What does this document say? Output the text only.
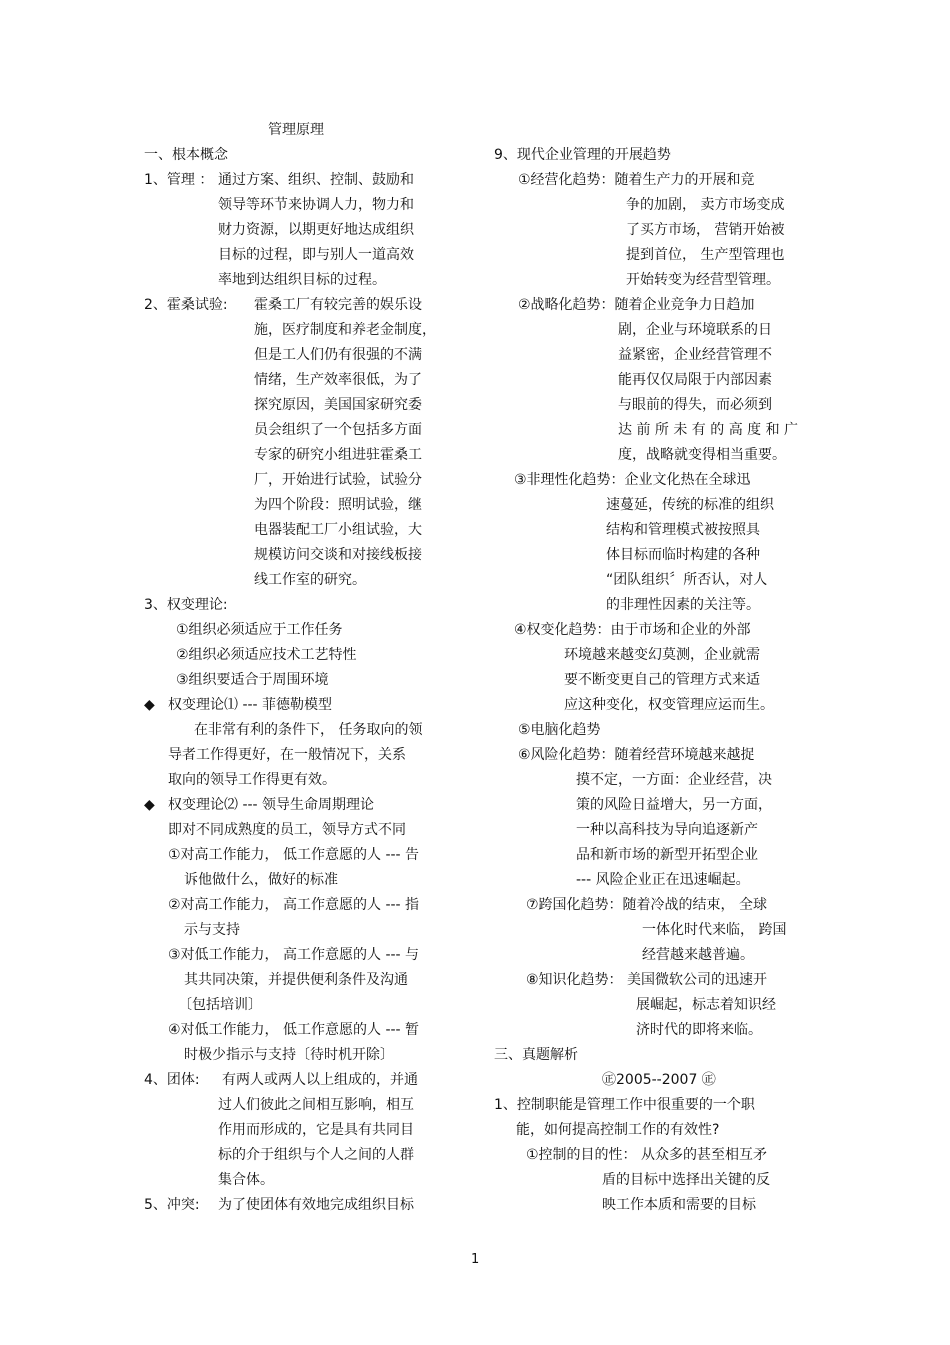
管理原理
一、根本概念
1、管理 ： 通过方案、组织、控制、鼓励和
领导等环节来协调人力，物力和
财力资源，以期更好地达成组织
目标的过程，即与别人一道高效
率地到达组织目标的过程。
2、霍桑试验: 霍桑工厂有较完善的娱乐设
施，医疗制度和养老金制度，
但是工人们仍有很强的不满
情绪，生产效率很低，为了
探究原因，美国国家研究委
员会组织了一个包括多方面
专家的研究小组进驻霍桑工
厂，开始进行试验，试验分
为四个阶段：照明试验，继
电器装配工厂小组试验，大
规模访问交谈和对接线板接
线工作室的研究。
3、权变理论:
①组织必须适应于工作任务
②组织必须适应技术工艺特性
③组织要适合于周围环境
◆ 权变理论⑴ --- 菲德勒模型
在非常有利的条件下， 任务取向的领
导者工作得更好，在一般情况下，关系
取向的领导工作得更有效。
◆ 权变理论⑵ --- 领导生命周期理论
即对不同成熟度的员工，领导方式不同
①对高工作能力， 低工作意愿的人 --- 告
诉他做什么，做好的标准
②对高工作能力， 高工作意愿的人 --- 指
示与支持
③对低工作能力， 高工作意愿的人 --- 与
其共同决策，并提供便利条件及沟通
〔包括培训〕
④对低工作能力， 低工作意愿的人 --- 暂
时极少指示与支持〔待时机开除〕
4、团体: 有两人或两人以上组成的，并通
过人们彼此之间相互影响，相互
作用而形成的，它是具有共同目
标的介于组织与个人之间的人群
集合体。
5、冲突: 为了使团体有效地完成组织目标
9、现代企业管理的开展趋势
①经营化趋势：随着生产力的开展和竞
争的加剧， 卖方市场变成
了买方市场， 营销开始被
提到首位， 生产型管理也
开始转变为经营型管理。
②战略化趋势：随着企业竞争力日趋加
剧，企业与环境联系的日
益紧密，企业经营管理不
能再仅仅局限于内部因素
与眼前的得失，而必须到
达 前 所 未 有 的 高 度 和 广
度，战略就变得相当重要。
③非理性化趋势：企业文化热在全球迅
速蔓延，传统的标准的组织
结构和管理模式被按照具
体目标而临时构建的各种
“团队组织〞所否认，对人
的非理性因素的关注等。
④权变化趋势：由于市场和企业的外部
环境越来越变幻莫测，企业就需
要不断变更自己的管理方式来适
应这种变化，权变管理应运而生。
⑤电脑化趋势
⑥风险化趋势：随着经营环境越来越捉
摸不定，一方面：企业经营，决
策的风险日益增大，另一方面，
一种以高科技为导向追逐新产
品和新市场的新型开拓型企业
--- 风险企业正在迅速崛起。
⑦跨国化趋势：随着冷战的结束， 全球
一体化时代来临， 跨国
经营越来越普遍。
⑧知识化趋势： 美国微软公司的迅速开
展崛起，标志着知识经
济时代的即将来临。
三、真题解析
㊣2005--2007 ㊣
1、控制职能是管理工作中很重要的一个职
能，如何提高控制工作的有效性?
①控制的目的性： 从众多的甚至相互矛
盾的目标中选择出关键的反
映工作本质和需要的目标
1
